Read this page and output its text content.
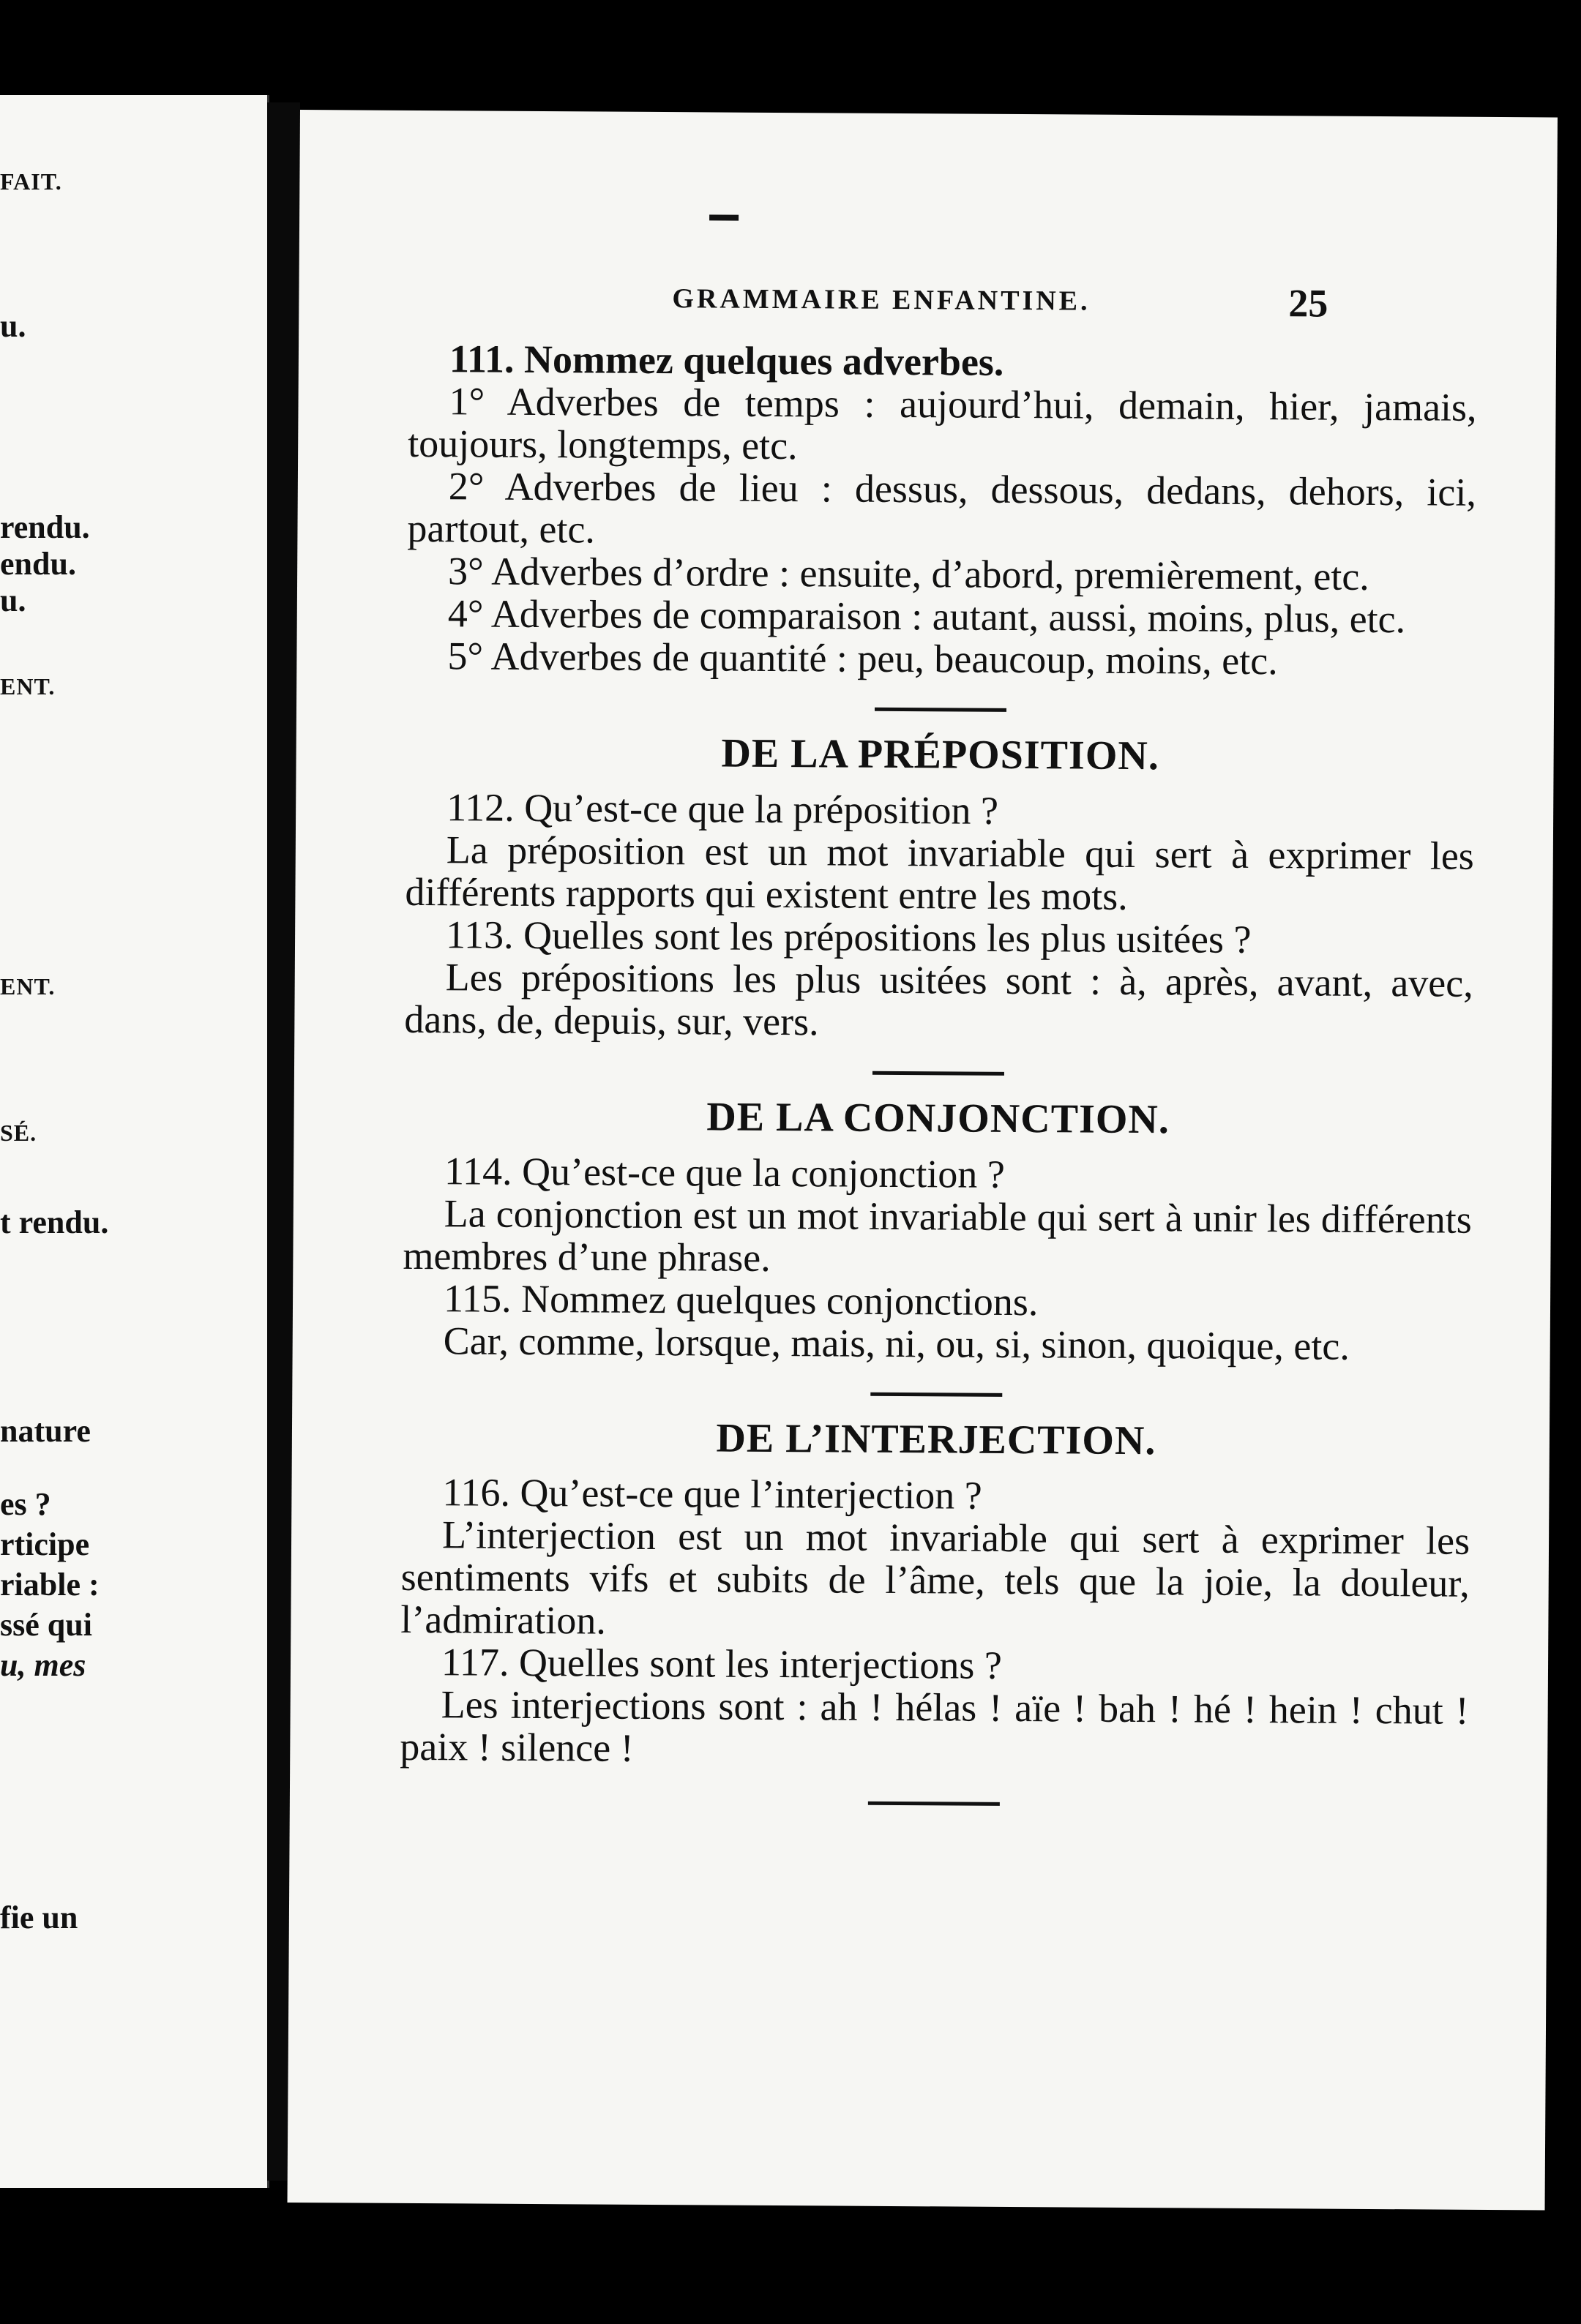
FAIT.
u.
rendu.
endu.
u.
ENT.
ENT.
SÉ.
t rendu.
nature
es ?
rticipe
riable :
ssé qui
u, mes
fie un
GRAMMAIRE ENFANTINE.	25

111. Nommez quelques adverbes.

1° Adverbes de temps : aujourd’hui, demain, hier, jamais, toujours, longtemps, etc.

2° Adverbes de lieu : dessus, dessous, dedans, dehors, ici, partout, etc.

3° Adverbes d’ordre : ensuite, d’abord, premièrement, etc.

4° Adverbes de comparaison : autant, aussi, moins, plus, etc.

5° Adverbes de quantité : peu, beaucoup, moins, etc.

DE LA PRÉPOSITION.

112. Qu’est-ce que la préposition ?

La préposition est un mot invariable qui sert à exprimer les différents rapports qui existent entre les mots.

113. Quelles sont les prépositions les plus usitées ?

Les prépositions les plus usitées sont : à, après, avant, avec, dans, de, depuis, sur, vers.

DE LA CONJONCTION.

114. Qu’est-ce que la conjonction ?

La conjonction est un mot invariable qui sert à unir les différents membres d’une phrase.

115. Nommez quelques conjonctions.

Car, comme, lorsque, mais, ni, ou, si, sinon, quoique, etc.

DE L’INTERJECTION.

116. Qu’est-ce que l’interjection ?

L’interjection est un mot invariable qui sert à exprimer les sentiments vifs et subits de l’âme, tels que la joie, la douleur, l’admiration.

117. Quelles sont les interjections ?

Les interjections sont : ah ! hélas ! aïe ! bah ! hé ! hein ! chut ! paix ! silence !
